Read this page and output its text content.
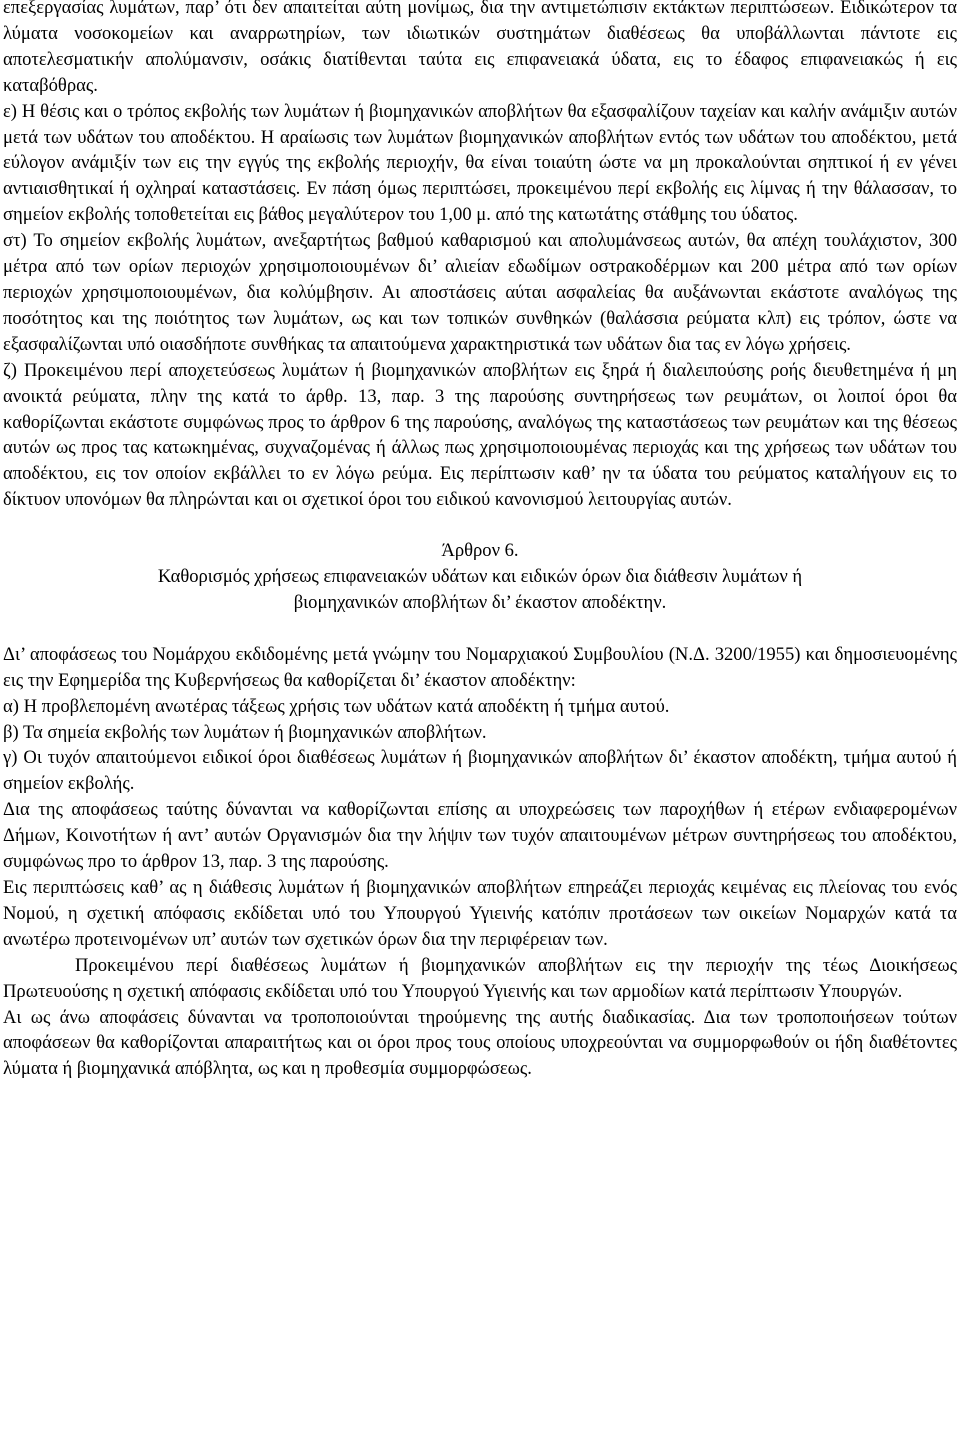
επεξεργασίας λυμάτων, παρ’ ότι δεν απαιτείται αύτη μονίμως, δια την αντιμετώπισιν εκτάκτων περιπτώσεων. Ειδικώτερον τα λύματα νοσοκομείων και αναρρωτηρίων, των ιδιωτικών συστημάτων διαθέσεως θα υποβάλλωνται πάντοτε εις αποτελεσματικήν απολύμανσιν, οσάκις διατίθενται ταύτα εις επιφανειακά ύδατα, εις το έδαφος επιφανειακώς ή εις καταβόθρας.

ε) Η θέσις και ο τρόπος εκβολής των λυμάτων ή βιομηχανικών αποβλήτων θα εξασφαλίζουν ταχείαν και καλήν ανάμιξιν αυτών μετά των υδάτων του αποδέκτου. Η αραίωσις των λυμάτων βιομηχανικών αποβλήτων εντός των υδάτων του αποδέκτου, μετά εύλογον ανάμιξίν των εις την εγγύς της εκβολής περιοχήν, θα είναι τοιαύτη ώστε να μη προκαλούνται σηπτικοί ή εν γένει αντιαισθητικαί ή οχληραί καταστάσεις. Εν πάση όμως περιπτώσει, προκειμένου περί εκβολής εις λίμνας ή την θάλασσαν, το σημείον εκβολής τοποθετείται εις βάθος μεγαλύτερον του 1,00 μ. από της κατωτάτης στάθμης του ύδατος.

στ) Το σημείον εκβολής λυμάτων, ανεξαρτήτως βαθμού καθαρισμού και απολυμάνσεως αυτών, θα απέχη τουλάχιστον, 300 μέτρα από των ορίων περιοχών χρησιμοποιουμένων δι’ αλιείαν εδωδίμων οστρακοδέρμων και 200 μέτρα από των ορίων περιοχών χρησιμοποιουμένων, δια κολύμβησιν. Αι αποστάσεις αύται ασφαλείας θα αυξάνωνται εκάστοτε αναλόγως της ποσότητος και της ποιότητος των λυμάτων, ως και των τοπικών συνθηκών (θαλάσσια ρεύματα κλπ) εις τρόπον, ώστε να εξασφαλίζωνται υπό οιασδήποτε συνθήκας τα απαιτούμενα χαρακτηριστικά των υδάτων δια τας εν λόγω χρήσεις.

ζ) Προκειμένου περί αποχετεύσεως λυμάτων ή βιομηχανικών αποβλήτων εις ξηρά ή διαλειπούσης ροής διευθετημένα ή μη ανοικτά ρεύματα, πλην της κατά το άρθρ. 13, παρ. 3 της παρούσης συντηρήσεως των ρευμάτων, οι λοιποί όροι θα καθορίζωνται εκάστοτε συμφώνως προς το άρθρον 6 της παρούσης, αναλόγως της καταστάσεως των ρευμάτων και της θέσεως αυτών ως προς τας κατωκημένας, συχναζομένας ή άλλως πως χρησιμοποιουμένας περιοχάς και της χρήσεως των υδάτων του αποδέκτου, εις τον οποίον εκβάλλει το εν λόγω ρεύμα. Εις περίπτωσιν καθ’ ην τα ύδατα του ρεύματος καταλήγουν εις το δίκτυον υπονόμων θα πληρώνται και οι σχετικοί όροι του ειδικού κανονισμού λειτουργίας αυτών.

Άρθρον 6.
Καθορισμός χρήσεως επιφανειακών υδάτων και ειδικών όρων δια διάθεσιν λυμάτων ή
βιομηχανικών αποβλήτων δι’ έκαστον αποδέκτην.

Δι’ αποφάσεως του Νομάρχου εκδιδομένης μετά γνώμην του Νομαρχιακού Συμβουλίου (Ν.Δ. 3200/1955) και δημοσιευομένης εις την Εφημερίδα της Κυβερνήσεως θα καθορίζεται δι’ έκαστον αποδέκτην:

α) Η προβλεπομένη ανωτέρας τάξεως χρήσις των υδάτων κατά αποδέκτη ή τμήμα αυτού.

β) Τα σημεία εκβολής των λυμάτων ή βιομηχανικών αποβλήτων.

γ) Οι τυχόν απαιτούμενοι ειδικοί όροι διαθέσεως λυμάτων ή βιομηχανικών αποβλήτων δι’ έκαστον αποδέκτη, τμήμα αυτού ή σημείον εκβολής.

Δια της αποφάσεως ταύτης δύνανται να καθορίζωνται επίσης αι υποχρεώσεις των παροχήθων ή ετέρων ενδιαφερομένων Δήμων, Κοινοτήτων ή αντ’ αυτών Οργανισμών δια την λήψιν των τυχόν απαιτουμένων μέτρων συντηρήσεως του αποδέκτου, συμφώνως προ το άρθρον 13, παρ. 3 της παρούσης.

Εις περιπτώσεις καθ’ ας η διάθεσις λυμάτων ή βιομηχανικών αποβλήτων επηρεάζει περιοχάς κειμένας εις πλείονας του ενός Νομού, η σχετική απόφασις εκδίδεται υπό του Υπουργού Υγιεινής κατόπιν προτάσεων των οικείων Νομαρχών κατά τα ανωτέρω προτεινομένων υπ’ αυτών των σχετικών όρων δια την περιφέρειαν των.

Προκειμένου περί διαθέσεως λυμάτων ή βιομηχανικών αποβλήτων εις την περιοχήν της τέως Διοικήσεως Πρωτευούσης η σχετική απόφασις εκδίδεται υπό του Υπουργού Υγιεινής και των αρμοδίων κατά περίπτωσιν Υπουργών.

Αι ως άνω αποφάσεις δύνανται να τροποποιούνται τηρούμενης της αυτής διαδικασίας. Δια των τροποποιήσεων τούτων αποφάσεων θα καθορίζονται απαραιτήτως και οι όροι προς τους οποίους υποχρεούνται να συμμορφωθούν οι ήδη διαθέτοντες λύματα ή βιομηχανικά απόβλητα, ως και η προθεσμία συμμορφώσεως.
